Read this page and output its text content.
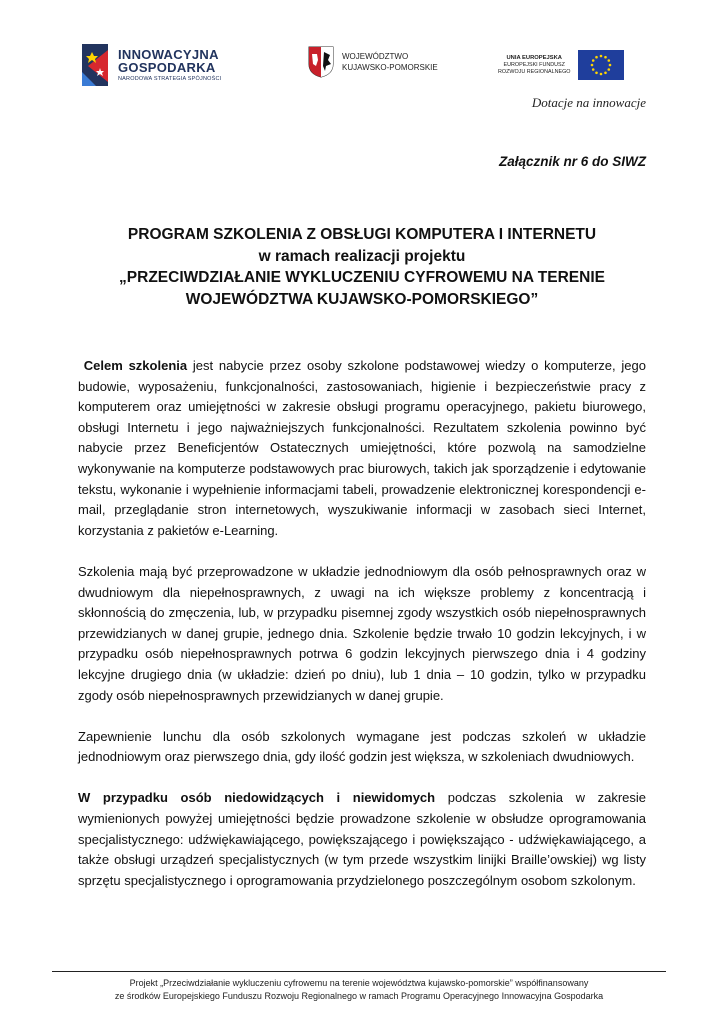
INNOWACYJNA
GOSPODARKA
NARODOWA STRATEGIA SPÓJNOŚCI
WOJEWÓDZTWO
KUJAWSKO-POMORSKIE
UNIA EUROPEJSKA
EUROPEJSKI FUNDUSZ
ROZWOJU REGIONALNEGO
Dotacje na innowacje
Załącznik nr 6 do SIWZ
PROGRAM SZKOLENIA Z OBSŁUGI KOMPUTERA I INTERNETU
w ramach realizacji projektu
„PRZECIWDZIAŁANIE WYKLUCZENIU CYFROWEMU NA TERENIE
WOJEWÓDZTWA KUJAWSKO-POMORSKIEGO”

Celem szkolenia jest nabycie przez osoby szkolone podstawowej wiedzy o komputerze, jego budowie, wyposażeniu, funkcjonalności, zastosowaniach, higienie i bezpieczeństwie pracy z komputerem oraz umiejętności w zakresie obsługi programu operacyjnego, pakietu biurowego, obsługi Internetu i jego najważniejszych funkcjonalności. Rezultatem szkolenia powinno być nabycie przez Beneficjentów Ostatecznych umiejętności, które pozwolą na samodzielne wykonywanie na komputerze podstawowych prac biurowych, takich jak sporządzenie i edytowanie tekstu, wykonanie i wypełnienie informacjami tabeli, prowadzenie elektronicznej korespondencji e-mail, przeglądanie stron internetowych, wyszukiwanie informacji w zasobach sieci Internet, korzystania z pakietów e-Learning.

Szkolenia mają być przeprowadzone w układzie jednodniowym dla osób pełnosprawnych oraz w dwudniowym dla niepełnosprawnych, z uwagi na ich większe problemy z koncentracją i skłonnością do zmęczenia, lub, w przypadku pisemnej zgody wszystkich osób niepełnosprawnych przewidzianych w danej grupie, jednego dnia. Szkolenie będzie trwało 10 godzin lekcyjnych, i w przypadku osób niepełnosprawnych potrwa 6 godzin lekcyjnych pierwszego dnia i 4 godziny lekcyjne drugiego dnia (w układzie: dzień po dniu), lub 1 dnia – 10 godzin, tylko w przypadku zgody osób niepełnosprawnych przewidzianych w danej grupie.

Zapewnienie lunchu dla osób szkolonych wymagane jest podczas szkoleń w układzie jednodniowym oraz pierwszego dnia, gdy ilość godzin jest większa, w szkoleniach dwudniowych.

W przypadku osób niedowidzących i niewidomych podczas szkolenia w zakresie wymienionych powyżej umiejętności będzie prowadzone szkolenie w obsłudze oprogramowania specjalistycznego: udźwiękawiającego, powiększającego i powiększająco - udźwiękawiającego, a także obsługi urządzeń specjalistycznych (w tym przede wszystkim linijki Braille’owskiej) wg listy sprzętu specjalistycznego i oprogramowania przydzielonego poszczególnym osobom szkolonym.

Projekt „Przeciwdziałanie wykluczeniu cyfrowemu na terenie województwa kujawsko-pomorskie” współfinansowany
ze środków Europejskiego Funduszu Rozwoju Regionalnego w ramach Programu Operacyjnego Innowacyjna Gospodarka
